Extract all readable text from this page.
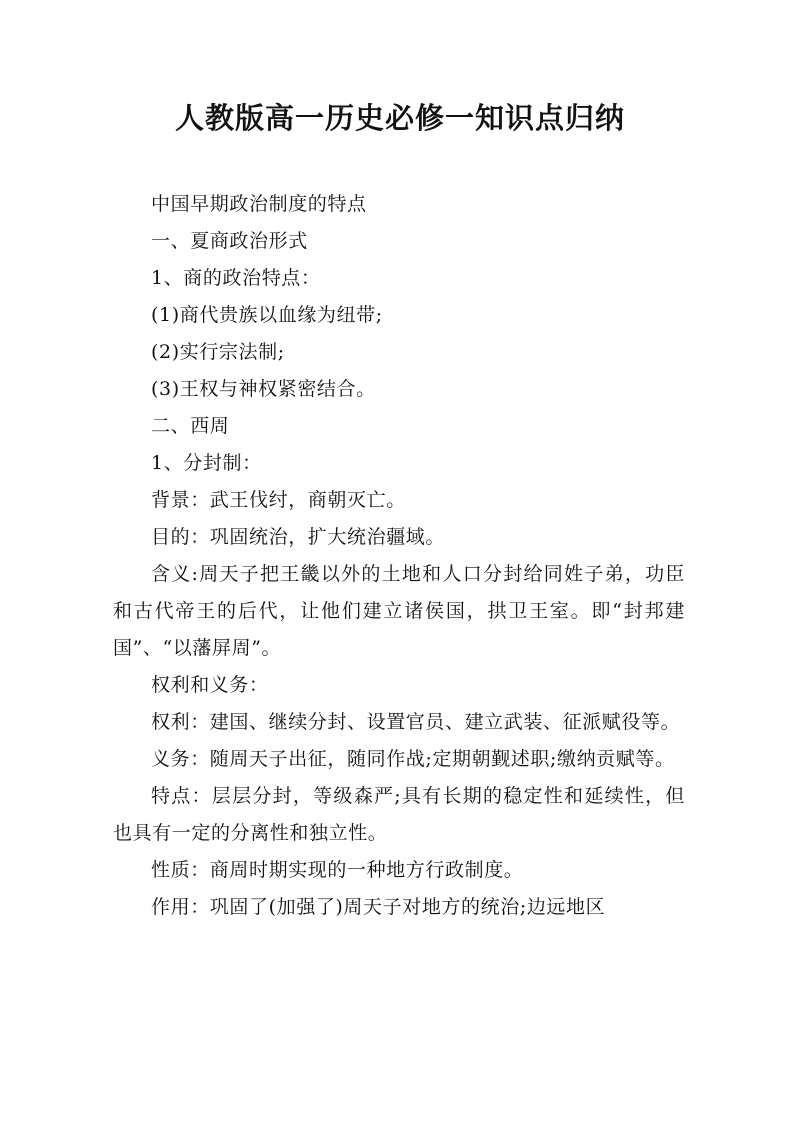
人教版高一历史必修一知识点归纳

中国早期政治制度的特点

一、夏商政治形式

1、商的政治特点：

(1)商代贵族以血缘为纽带;

(2)实行宗法制;

(3)王权与神权紧密结合。

二、西周

1、分封制：

背景：武王伐纣，商朝灭亡。

目的：巩固统治，扩大统治疆域。

含义:周天子把王畿以外的土地和人口分封给同姓子弟，功臣和古代帝王的后代，让他们建立诸侯国，拱卫王室。即“封邦建国”、“以藩屏周”。

权利和义务：

权利：建国、继续分封、设置官员、建立武装、征派赋役等。

义务：随周天子出征，随同作战;定期朝觐述职;缴纳贡赋等。

特点：层层分封，等级森严;具有长期的稳定性和延续性，但也具有一定的分离性和独立性。

性质：商周时期实现的一种地方行政制度。

作用：巩固了(加强了)周天子对地方的统治;边远地区
